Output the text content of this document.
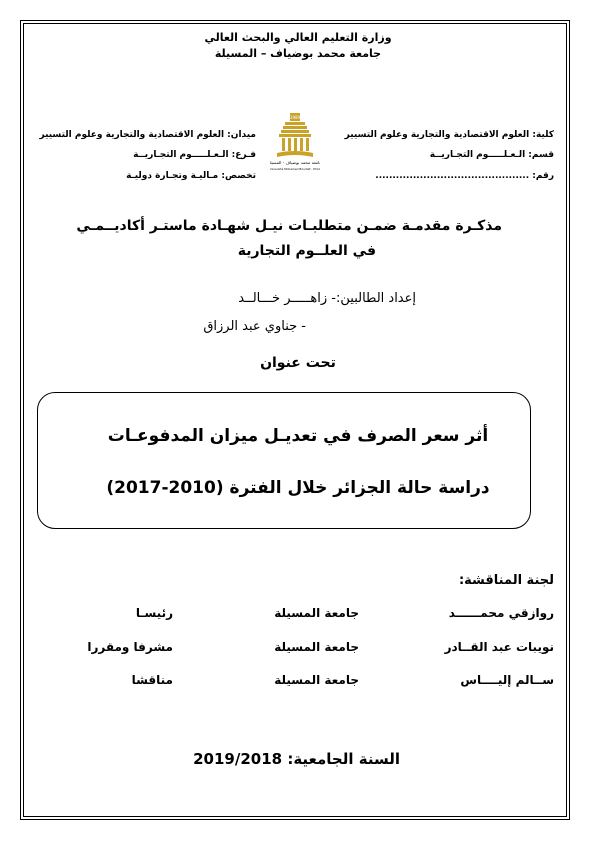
وزارة التعليم العالي والبحث العالي
جامعة محمد بوضياف – المسيلة
كلية: العلوم الاقتصادية والتجارية وعلوم التسيير
قسم: الـعـلـــــوم التجـاريــة
رقم: .............................................
ميدان: العلوم الاقتصادية والتجارية وعلوم التسيير
فـرع: الـعـلـــــوم التجـاريــة
تخصص: مـاليـة وتجـارة دوليـة
1989
جامعة محمد بوضياف - المسيلة
Université Mohamed Boudiaf - M'sila
مذكـرة مقدمـة ضمـن متطلبـات نيـل شهـادة ماستـر أكاديــمـي
في العلــوم التجارية
إعداد الطالبين:- زاهـــــر خـــالــد
- جناوي عبد الرزاق
تحت عنوان
أثر سعر الصرف في تعديـل ميزان المدفوعـات
دراسة حالة الجزائر خلال الفترة (2010-2017)
لجنة المناقشة:
روازقي محمــــــد
جامعة المسيلة
رئيسـا
نويبات عبد القــادر
جامعة المسيلة
مشرفا ومقررا
ســالم إليــــاس
جامعة المسيلة
مناقشا
السنة الجامعية: 2019/2018
